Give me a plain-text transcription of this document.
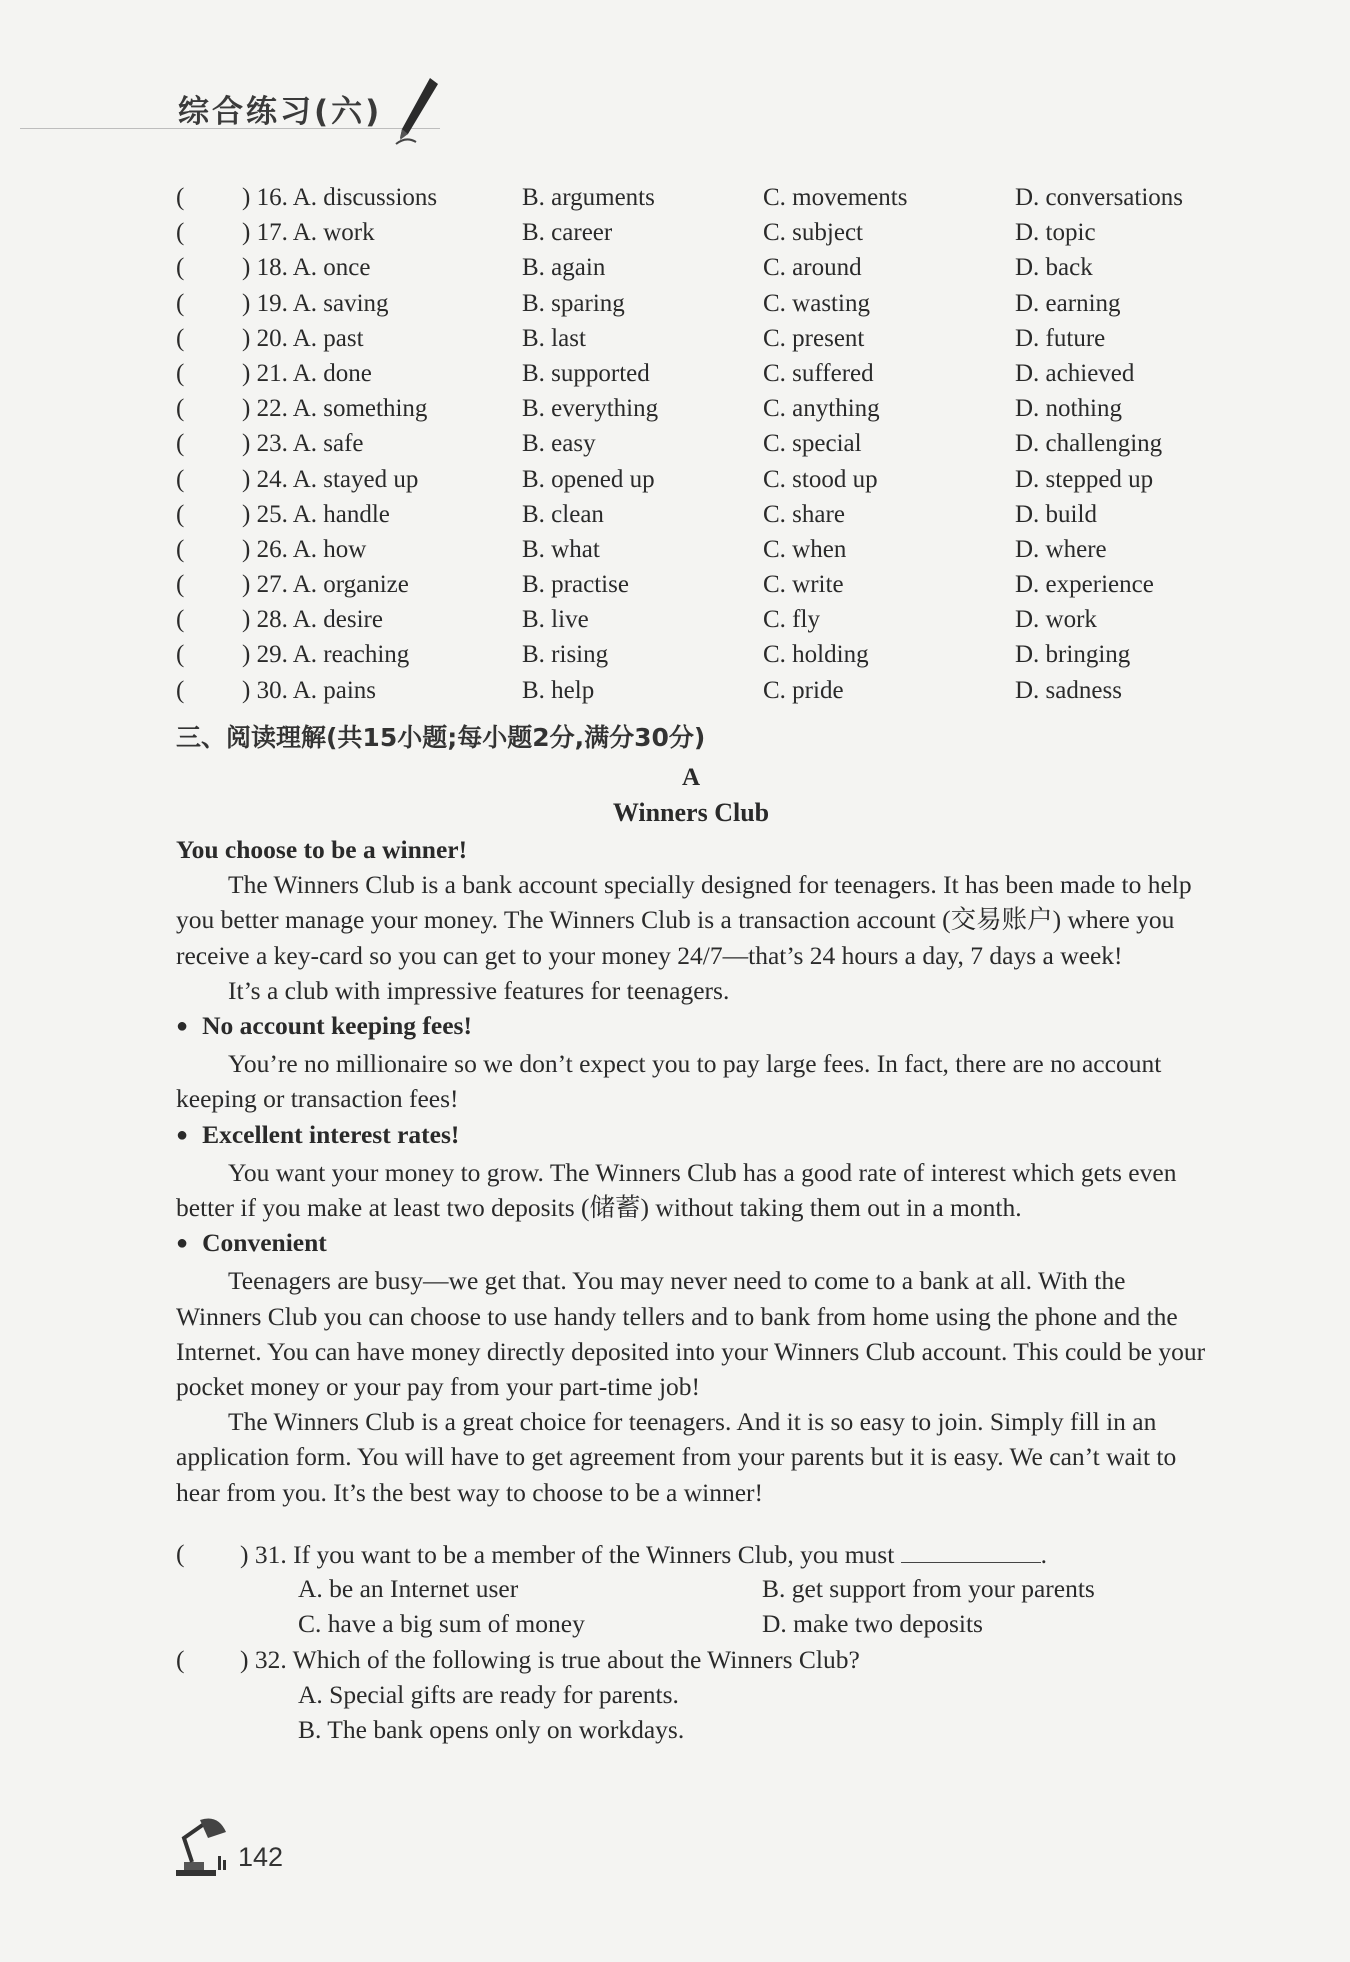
综合练习(六)
( ) 16. A. discussions	B. arguments	C. movements	D. conversations
( ) 17. A. work	B. career	C. subject	D. topic
( ) 18. A. once	B. again	C. around	D. back
( ) 19. A. saving	B. sparing	C. wasting	D. earning
( ) 20. A. past	B. last	C. present	D. future
( ) 21. A. done	B. supported	C. suffered	D. achieved
( ) 22. A. something	B. everything	C. anything	D. nothing
( ) 23. A. safe	B. easy	C. special	D. challenging
( ) 24. A. stayed up	B. opened up	C. stood up	D. stepped up
( ) 25. A. handle	B. clean	C. share	D. build
( ) 26. A. how	B. what	C. when	D. where
( ) 27. A. organize	B. practise	C. write	D. experience
( ) 28. A. desire	B. live	C. fly	D. work
( ) 29. A. reaching	B. rising	C. holding	D. bringing
( ) 30. A. pains	B. help	C. pride	D. sadness
三、阅读理解(共15小题;每小题2分,满分30分)
A
Winners Club

You choose to be a winner!

The Winners Club is a bank account specially designed for teenagers. It has been made to help you better manage your money. The Winners Club is a transaction account (交易账户) where you receive a key-card so you can get to your money 24/7—that’s 24 hours a day, 7 days a week!

It’s a club with impressive features for teenagers.

● No account keeping fees!

You’re no millionaire so we don’t expect you to pay large fees. In fact, there are no account keeping or transaction fees!

● Excellent interest rates!

You want your money to grow. The Winners Club has a good rate of interest which gets even better if you make at least two deposits (储蓄) without taking them out in a month.

● Convenient

Teenagers are busy—we get that. You may never need to come to a bank at all. With the Winners Club you can choose to use handy tellers and to bank from home using the phone and the Internet. You can have money directly deposited into your Winners Club account. This could be your pocket money or your pay from your part-time job!

The Winners Club is a great choice for teenagers. And it is so easy to join. Simply fill in an application form. You will have to get agreement from your parents but it is easy. We can’t wait to hear from you. It’s the best way to choose to be a winner!

( ) 31. If you want to be a member of the Winners Club, you must	.
A. be an Internet user	B. get support from your parents
C. have a big sum of money	D. make two deposits
( ) 32. Which of the following is true about the Winners Club?
A. Special gifts are ready for parents.
B. The bank opens only on workdays.
142
